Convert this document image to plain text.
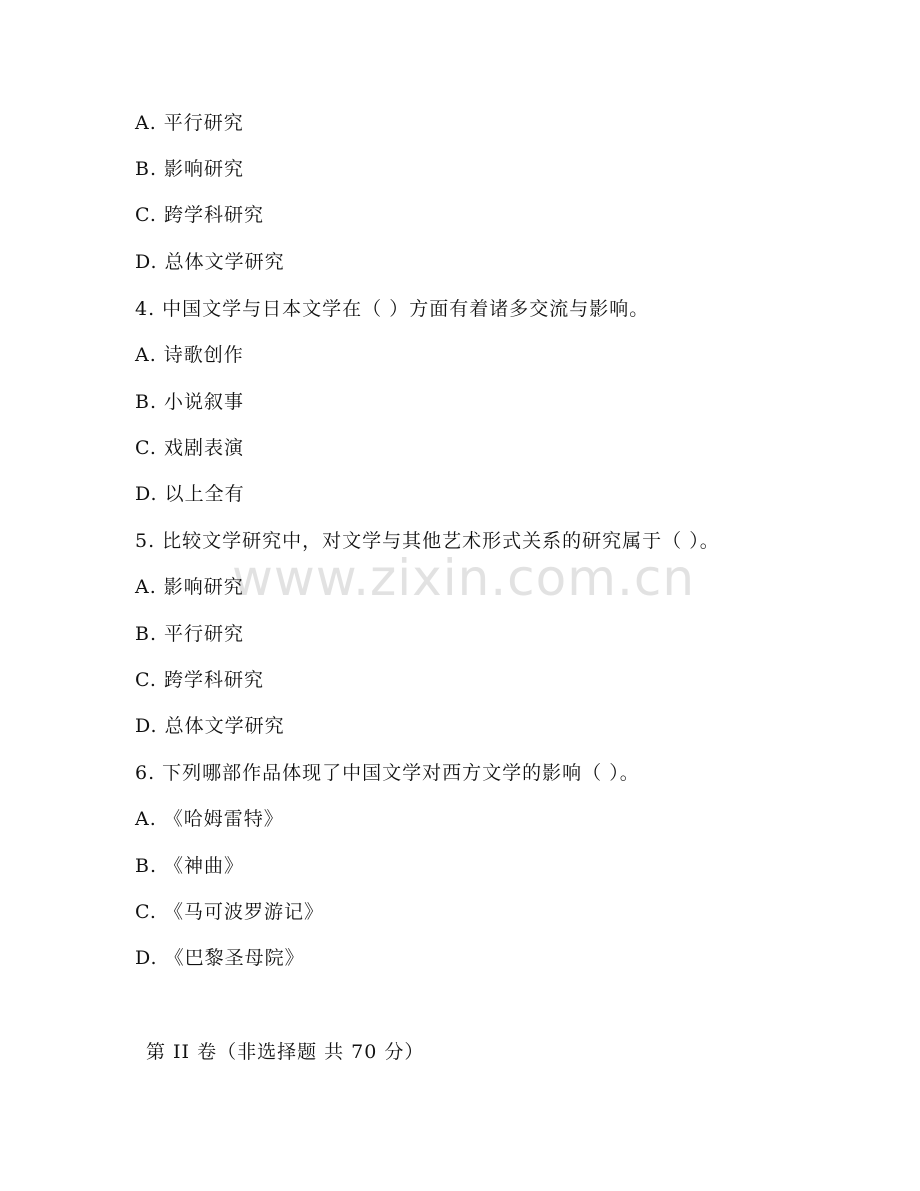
www.zixin.com.cn
A. 平行研究
B. 影响研究
C. 跨学科研究
D. 总体文学研究
4. 中国文学与日本文学在（ ）方面有着诸多交流与影响。
A. 诗歌创作
B. 小说叙事
C. 戏剧表演
D. 以上全有
5. 比较文学研究中，对文学与其他艺术形式关系的研究属于（ ）。
A. 影响研究
B. 平行研究
C. 跨学科研究
D. 总体文学研究
6. 下列哪部作品体现了中国文学对西方文学的影响（ ）。
A. 《哈姆雷特》
B. 《神曲》
C. 《马可波罗游记》
D. 《巴黎圣母院》
第 II 卷（非选择题 共 70 分）
